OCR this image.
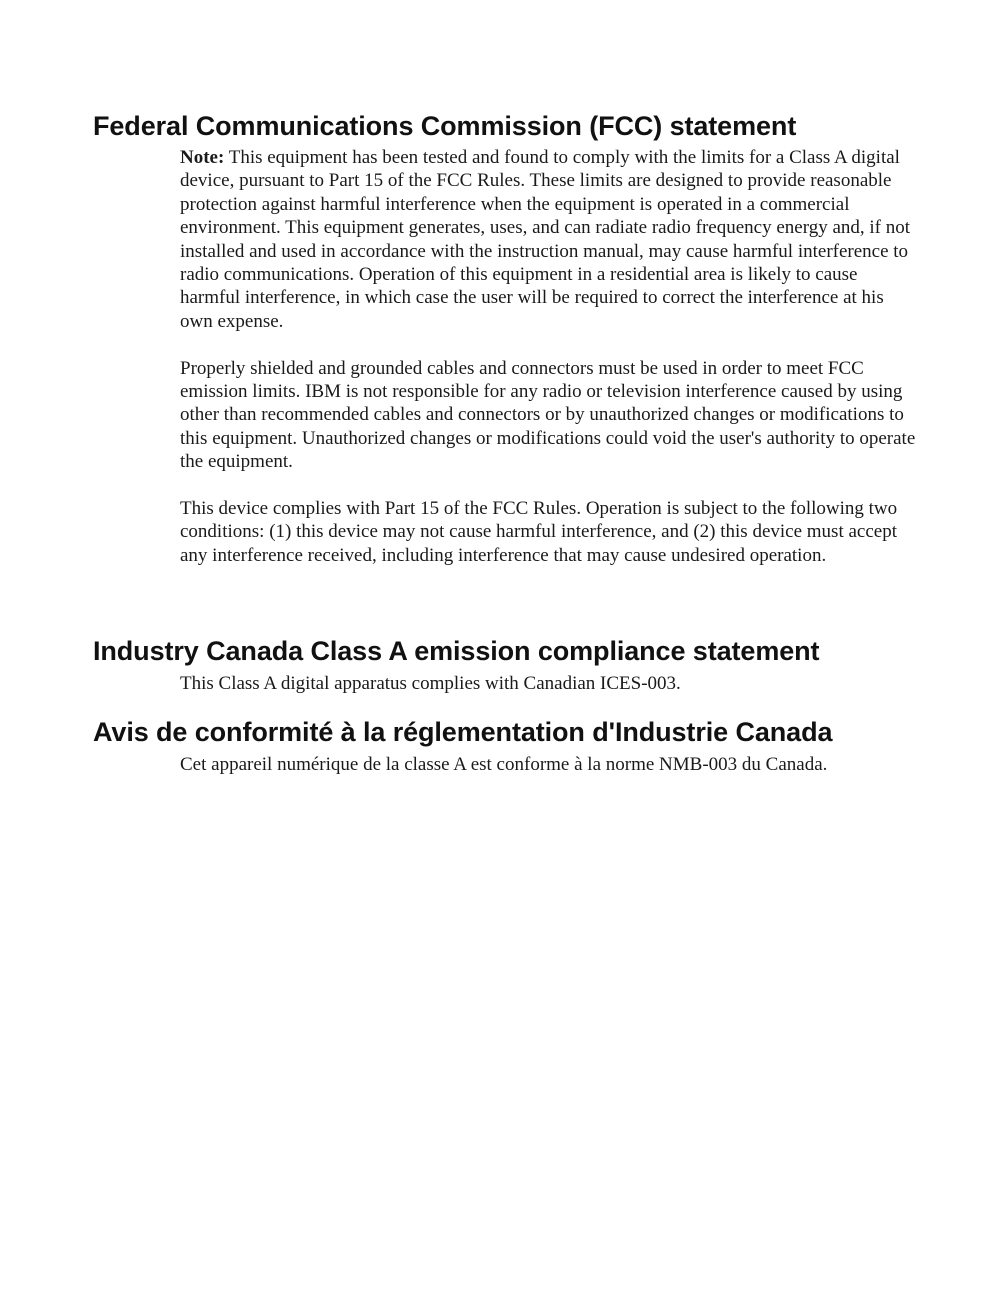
Federal Communications Commission (FCC) statement

Note: This equipment has been tested and found to comply with the limits for a Class A digital device, pursuant to Part 15 of the FCC Rules. These limits are designed to provide reasonable protection against harmful interference when the equipment is operated in a commercial environment. This equipment generates, uses, and can radiate radio frequency energy and, if not installed and used in accordance with the instruction manual, may cause harmful interference to radio communications. Operation of this equipment in a residential area is likely to cause harmful interference, in which case the user will be required to correct the interference at his own expense.

Properly shielded and grounded cables and connectors must be used in order to meet FCC emission limits. IBM is not responsible for any radio or television interference caused by using other than recommended cables and connectors or by unauthorized changes or modifications to this equipment. Unauthorized changes or modifications could void the user's authority to operate the equipment.

This device complies with Part 15 of the FCC Rules. Operation is subject to the following two conditions: (1) this device may not cause harmful interference, and (2) this device must accept any interference received, including interference that may cause undesired operation.

Industry Canada Class A emission compliance statement

This Class A digital apparatus complies with Canadian ICES-003.

Avis de conformité à la réglementation d'Industrie Canada

Cet appareil numérique de la classe A est conforme à la norme NMB-003 du Canada.
